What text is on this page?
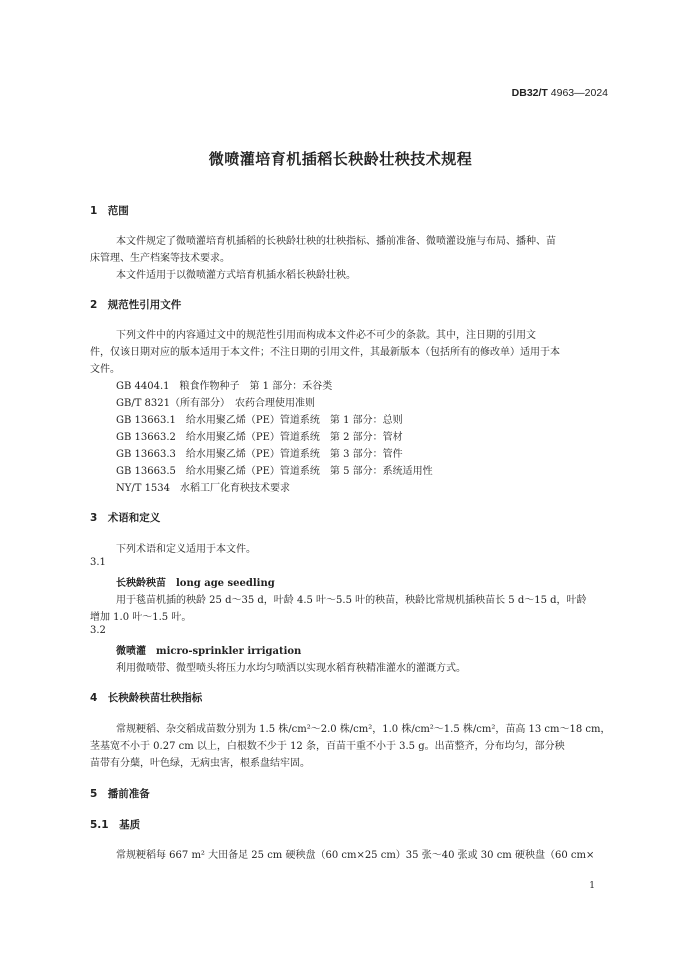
DB32/T 4963—2024
微喷灌培育机插稻长秧龄壮秧技术规程
1　范围
本文件规定了微喷灌培育机插稻的长秧龄壮秧的壮秧指标、播前准备、微喷灌设施与布局、播种、苗
床管理、生产档案等技术要求。
本文件适用于以微喷灌方式培育机插水稻长秧龄壮秧。
2　规范性引用文件
下列文件中的内容通过文中的规范性引用而构成本文件必不可少的条款。其中，注日期的引用文
件，仅该日期对应的版本适用于本文件；不注日期的引用文件，其最新版本（包括所有的修改单）适用于本
文件。
GB 4404.1　粮食作物种子　第 1 部分：禾谷类
GB/T 8321（所有部分）　农药合理使用准则
GB 13663.1　给水用聚乙烯（PE）管道系统　第 1 部分：总则
GB 13663.2　给水用聚乙烯（PE）管道系统　第 2 部分：管材
GB 13663.3　给水用聚乙烯（PE）管道系统　第 3 部分：管件
GB 13663.5　给水用聚乙烯（PE）管道系统　第 5 部分：系统适用性
NY/T 1534　水稻工厂化育秧技术要求
3　术语和定义
下列术语和定义适用于本文件。
3.1
长秧龄秧苗　long age seedling
用于毯苗机插的秧龄 25 d～35 d，叶龄 4.5 叶～5.5 叶的秧苗，秧龄比常规机插秧苗长 5 d～15 d，叶龄
增加 1.0 叶～1.5 叶。
3.2
微喷灌　micro-sprinkler irrigation
利用微喷带、微型喷头将压力水均匀喷洒以实现水稻育秧精准灌水的灌溉方式。
4　长秧龄秧苗壮秧指标
常规粳稻、杂交稻成苗数分别为 1.5 株/cm²～2.0 株/cm²，1.0 株/cm²～1.5 株/cm²，苗高 13 cm～18 cm，
茎基宽不小于 0.27 cm 以上，白根数不少于 12 条，百苗干重不小于 3.5 g。出苗整齐，分布均匀，部分秧
苗带有分蘖，叶色绿，无病虫害，根系盘结牢固。
5　播前准备
5.1　基质
常规粳稻每 667 m² 大田备足 25 cm 硬秧盘（60 cm×25 cm）35 张～40 张或 30 cm 硬秧盘（60 cm×
1
